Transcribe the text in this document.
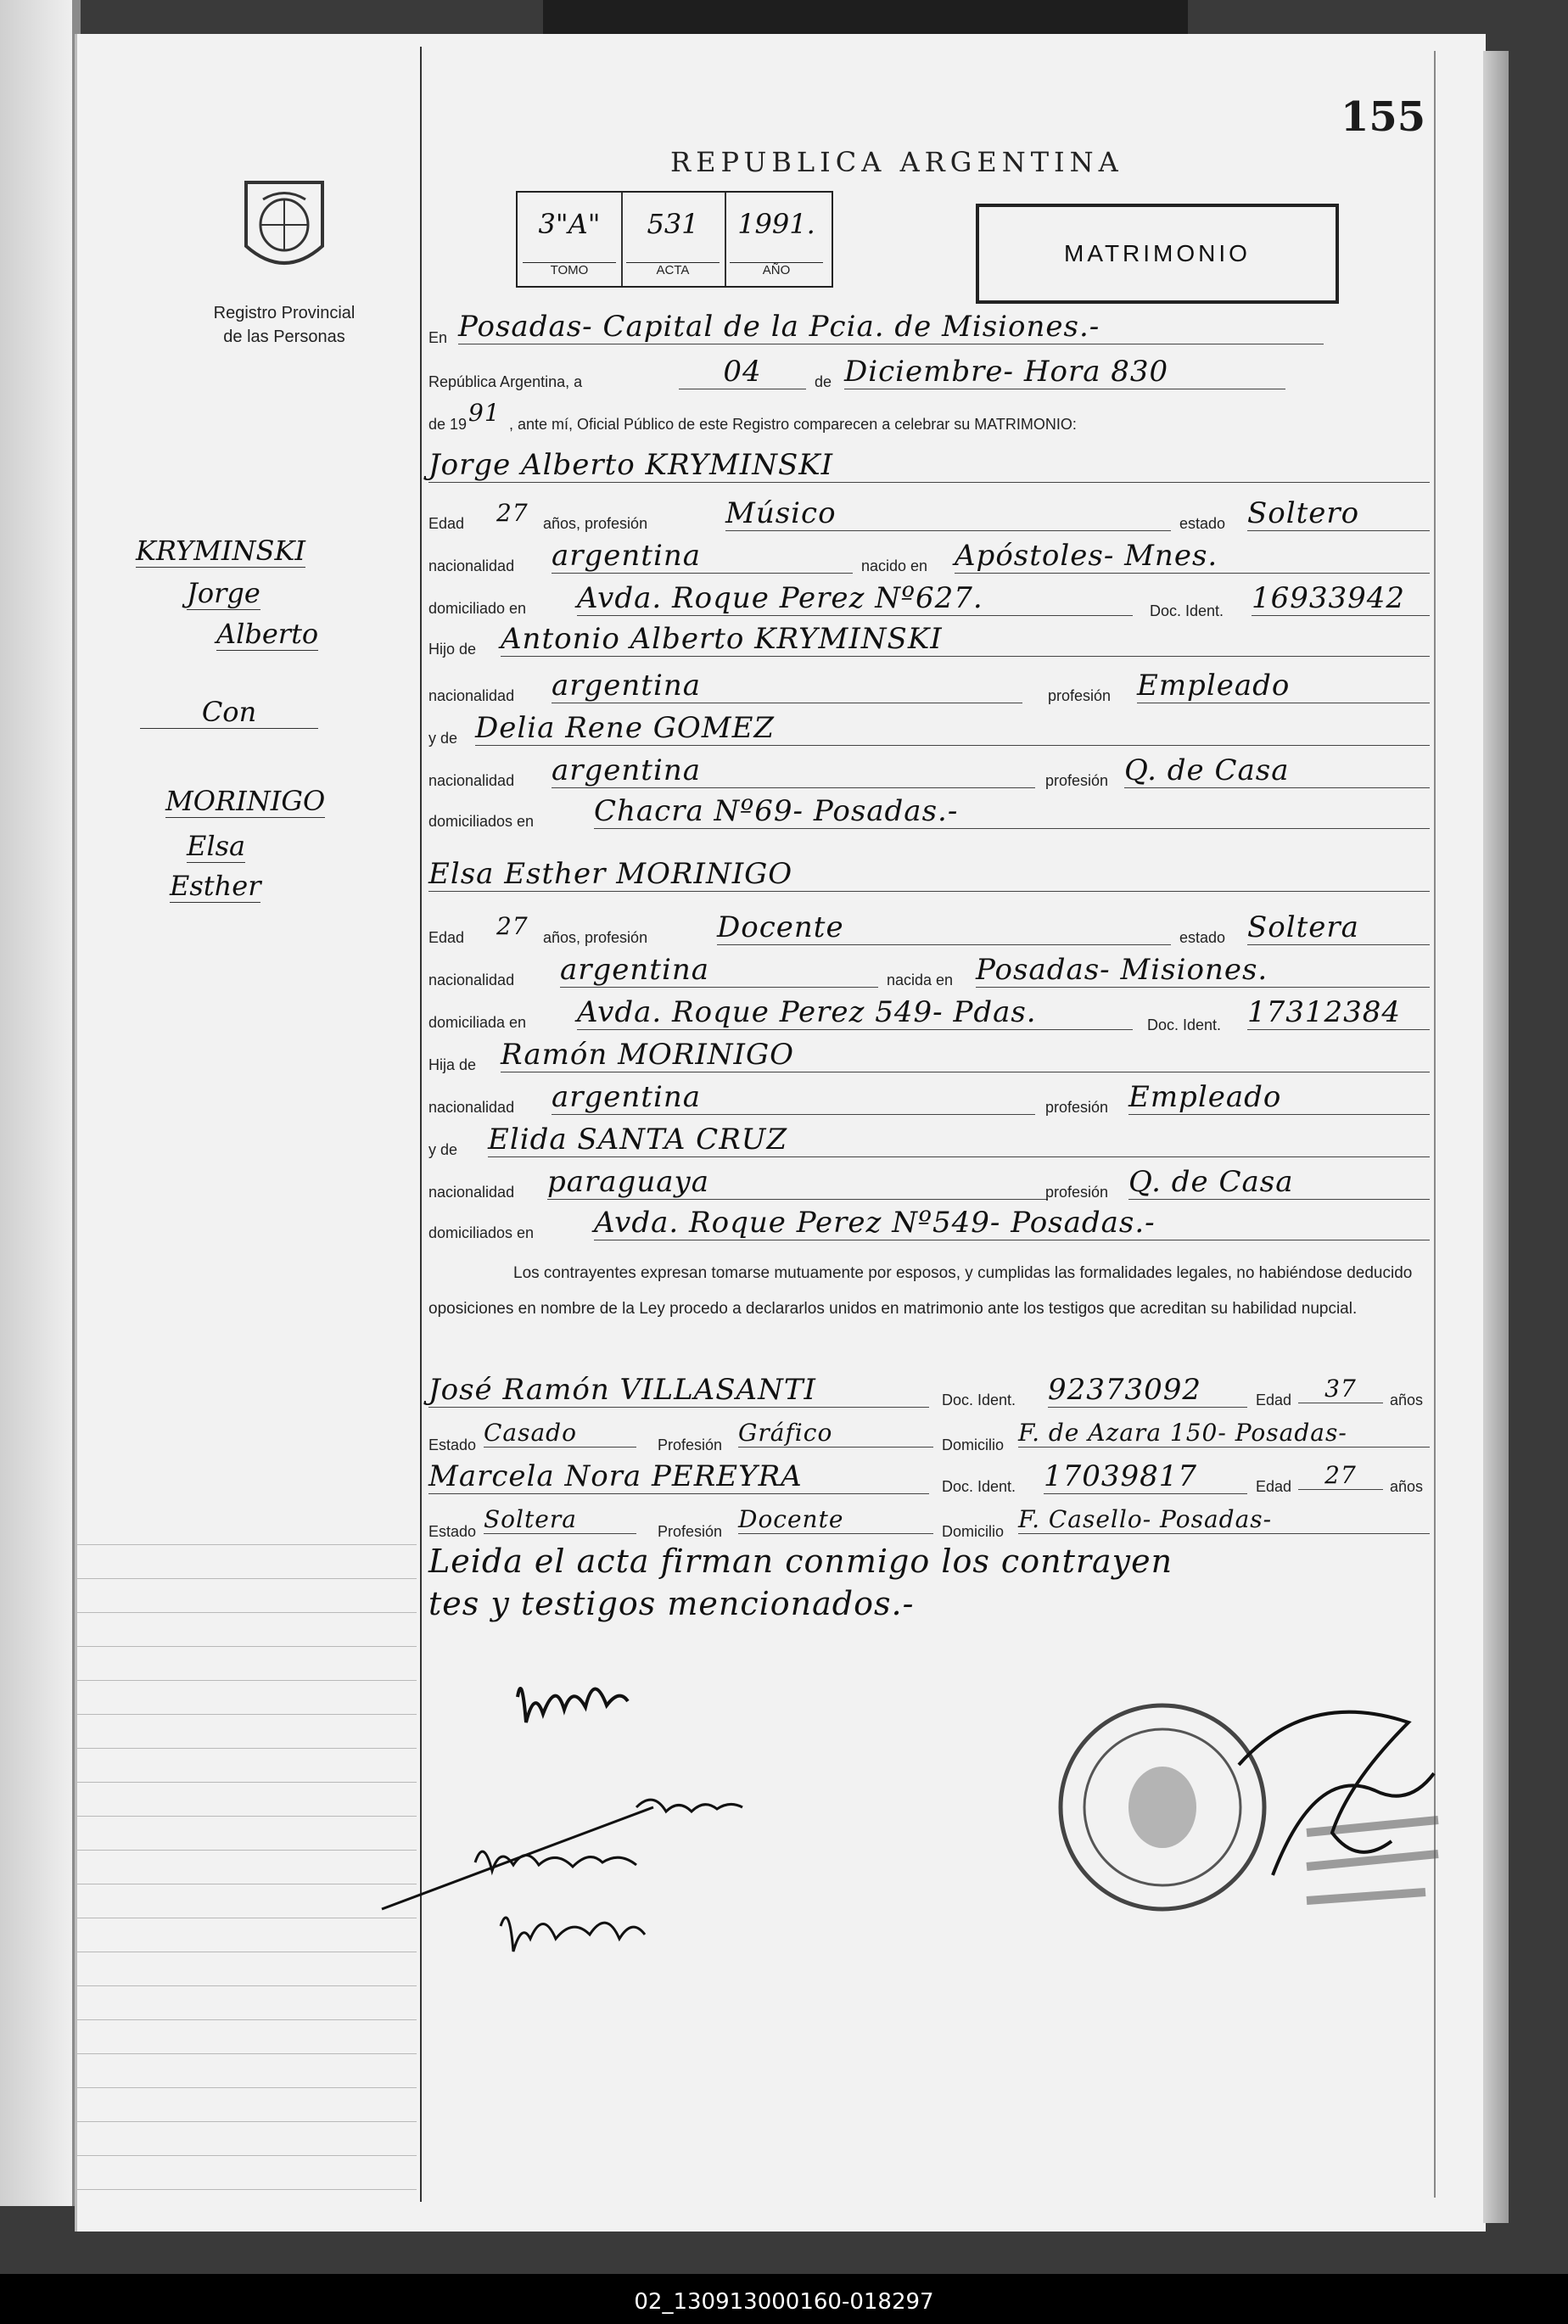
155
REPUBLICA ARGENTINA
3"A"	531	1991.
TOMO	ACTA	AÑO
MATRIMONIO
Registro Provincial
de las Personas
KRYMINSKI
Jorge
Alberto
Con
MORINIGO
Elsa
Esther
En Posadas- Capital de la Pcia. de Misiones.-
República Argentina, a	04	de Diciembre- Hora 830
de 19 91 , ante mí, Oficial Público de este Registro comparecen a celebrar su MATRIMONIO:
Jorge Alberto KRYMINSKI
Edad 27 años, profesión	Músico	estado Soltero
nacionalidad argentina	nacido en Apóstoles- Mnes.
domiciliado en Avda. Roque Perez Nº627.	Doc. Ident. 16933942
Hijo de Antonio Alberto KRYMINSKI
nacionalidad argentina	profesión Empleado
y de Delia Rene GOMEZ
nacionalidad argentina	profesión Q. de Casa
domiciliados en Chacra Nº69- Posadas.-
Elsa Esther MORINIGO
Edad 27 años, profesión Docente	estado Soltera
nacionalidad argentina	nacida en Posadas- Misiones.
domiciliada en Avda. Roque Perez 549- Pdas.	Doc. Ident. 17312384
Hija de Ramón MORINIGO
nacionalidad argentina	profesión Empleado
y de Elida SANTA CRUZ
nacionalidad paraguaya	profesión Q. de Casa
domiciliados en Avda. Roque Perez Nº549- Posadas.-
Los contrayentes expresan tomarse mutuamente por esposos, y cumplidas las formalidades legales, no habiéndose deducido oposiciones en nombre de la Ley procedo a declararlos unidos en matrimonio ante los testigos que acreditan su habilidad nupcial.
José Ramón VILLASANTI	Doc. Ident. 92373092	Edad	37	años
Estado Casado	Profesión Gráfico	Domicilio F. de Azara 150- Posadas-
Marcela Nora PEREYRA	Doc. Ident. 17039817	Edad	27	años
Estado Soltera	Profesión Docente	Domicilio F. Casello- Posadas-
Leida el acta firman conmigo los contrayen
tes y testigos mencionados.-
02_130913000160-018297
